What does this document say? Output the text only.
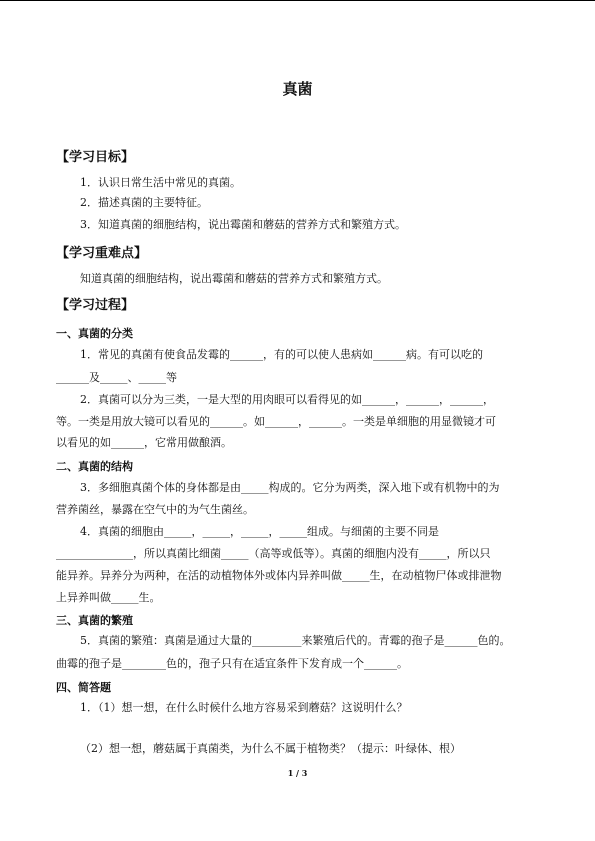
真菌
【学习目标】
1．认识日常生活中常见的真菌。
2．描述真菌的主要特征。
3．知道真菌的细胞结构，说出霉菌和蘑菇的营养方式和繁殖方式。
【学习重难点】
知道真菌的细胞结构，说出霉菌和蘑菇的营养方式和繁殖方式。
【学习过程】
一、真菌的分类
1．常见的真菌有使食品发霉的______，有的可以使人患病如______病。有可以吃的
______及_____、_____等
2．真菌可以分为三类，一是大型的用肉眼可以看得见的如______，______，______，
等。一类是用放大镜可以看见的______。如______，______。一类是单细胞的用显微镜才可
以看见的如______，它常用做酿酒。
二、真菌的结构
3．多细胞真菌个体的身体都是由_____构成的。它分为两类，深入地下或有机物中的为
营养菌丝，暴露在空气中的为气生菌丝。
4．真菌的细胞由_____，_____，_____，_____组成。与细菌的主要不同是
______________，所以真菌比细菌_____（高等或低等）。真菌的细胞内没有_____，所以只
能异养。异养分为两种，在活的动植物体外或体内异养叫做_____生，在动植物尸体或排泄物
上异养叫做_____生。
三、真菌的繁殖
5．真菌的繁殖：真菌是通过大量的_________来繁殖后代的。青霉的孢子是______色的。
曲霉的孢子是________色的，孢子只有在适宜条件下发育成一个______。
四、简答题
1．（1）想一想，在什么时候什么地方容易采到蘑菇？这说明什么？
（2）想一想，蘑菇属于真菌类，为什么不属于植物类？（提示：叶绿体、根）
1 / 3
